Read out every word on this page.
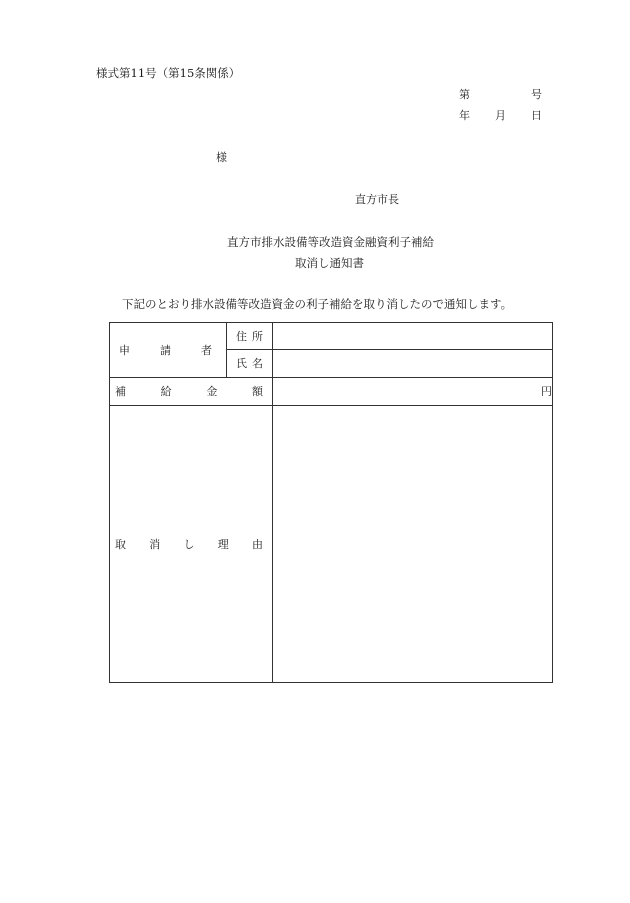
様式第11号（第15条関係）
第	号
年 月 日
様
直方市長
直方市排水設備等改造資金融資利子補給
取消し通知書
下記のとおり排水設備等改造資金の利子補給を取り消したので通知します。
申 請 者	住 所	

	氏 名	

補 給 金 額		円

取 消 し 理 由		
